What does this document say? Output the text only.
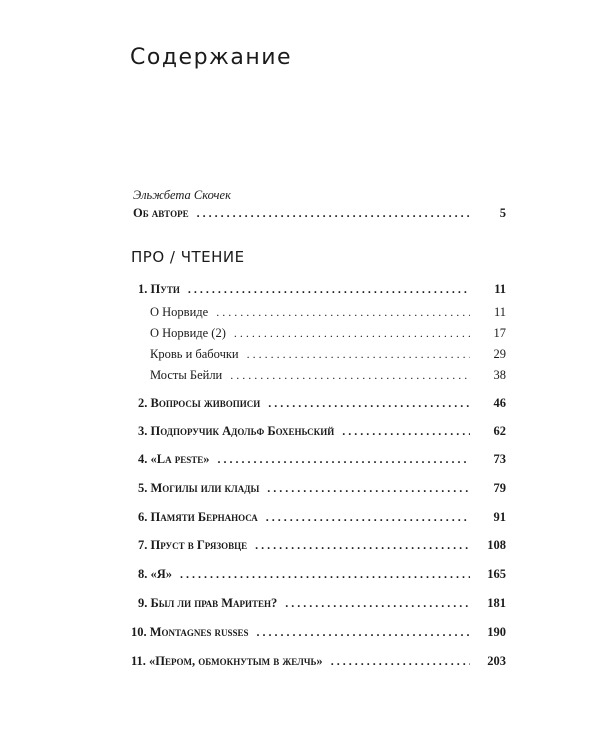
Содержание
Эльжбета Скочек
Об авторе . . .	5
ПРО / ЧТЕНИЕ
1. Пути . . .	11
О Норвиде . . .	11
О Норвиде (2) . . .	17
Кровь и бабочки . . .	29
Мосты Бейли . . .	38
2. Вопросы живописи . . .	46
3. Подпоручик Адольф Бохеньский . . .	62
4. «La peste» . . .	73
5. Могилы или клады . . .	79
6. Памяти Бернаноса . . .	91
7. Пруст в Грязовце . . .	108
8. «Я» . . .	165
9. Был ли прав Маритен? . . .	181
10. Montagnes russes . . .	190
11. «Пером, обмокнутым в желчь» . . .	203
